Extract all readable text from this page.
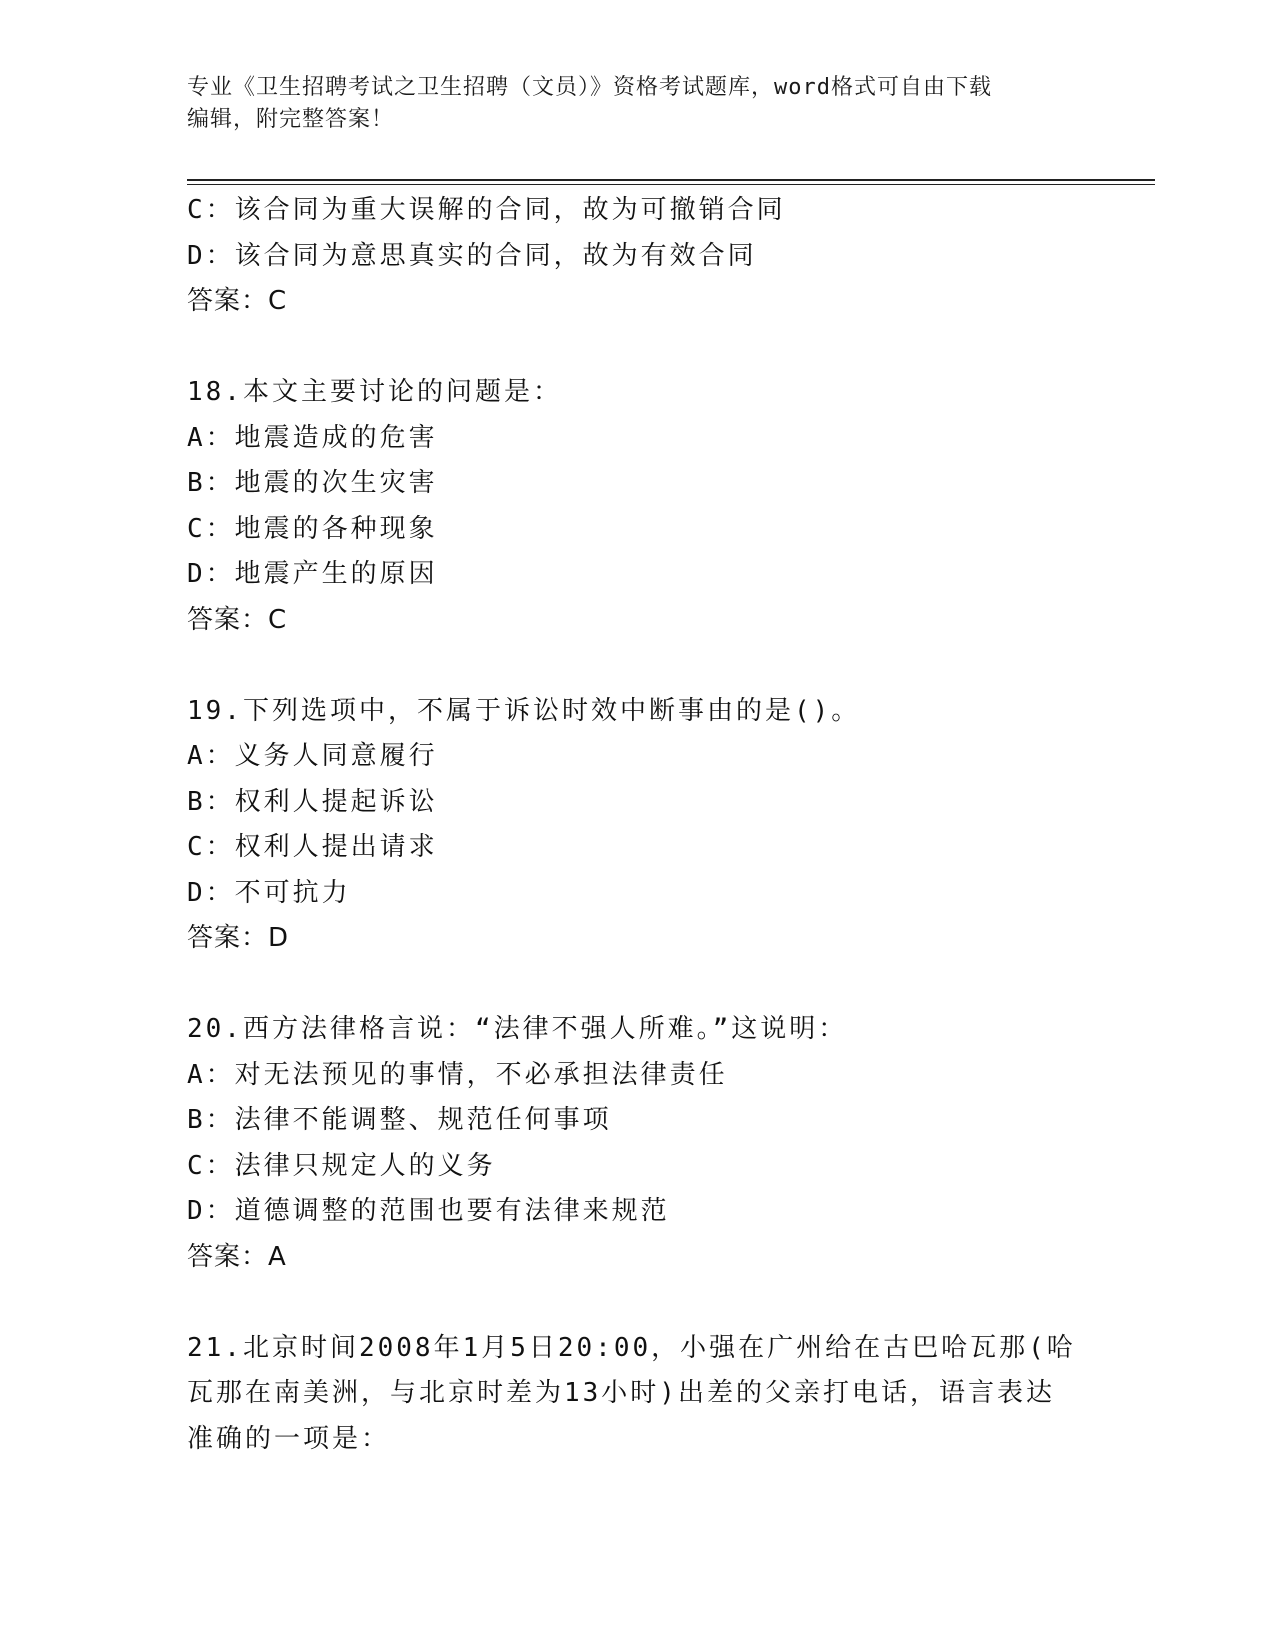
专业《卫生招聘考试之卫生招聘（文员）》资格考试题库，word格式可自由下载
编辑，附完整答案！
C：该合同为重大误解的合同，故为可撤销合同
D：该合同为意思真实的合同，故为有效合同
答案：C
18.本文主要讨论的问题是：
A：地震造成的危害
B：地震的次生灾害
C：地震的各种现象
D：地震产生的原因
答案：C
19.下列选项中，不属于诉讼时效中断事由的是()。
A：义务人同意履行
B：权利人提起诉讼
C：权利人提出请求
D：不可抗力
答案：D
20.西方法律格言说：“法律不强人所难。”这说明：
A：对无法预见的事情，不必承担法律责任
B：法律不能调整、规范任何事项
C：法律只规定人的义务
D：道德调整的范围也要有法律来规范
答案：A
21.北京时间2008年1月5日20:00，小强在广州给在古巴哈瓦那(哈
瓦那在南美洲，与北京时差为13小时)出差的父亲打电话，语言表达
准确的一项是：
